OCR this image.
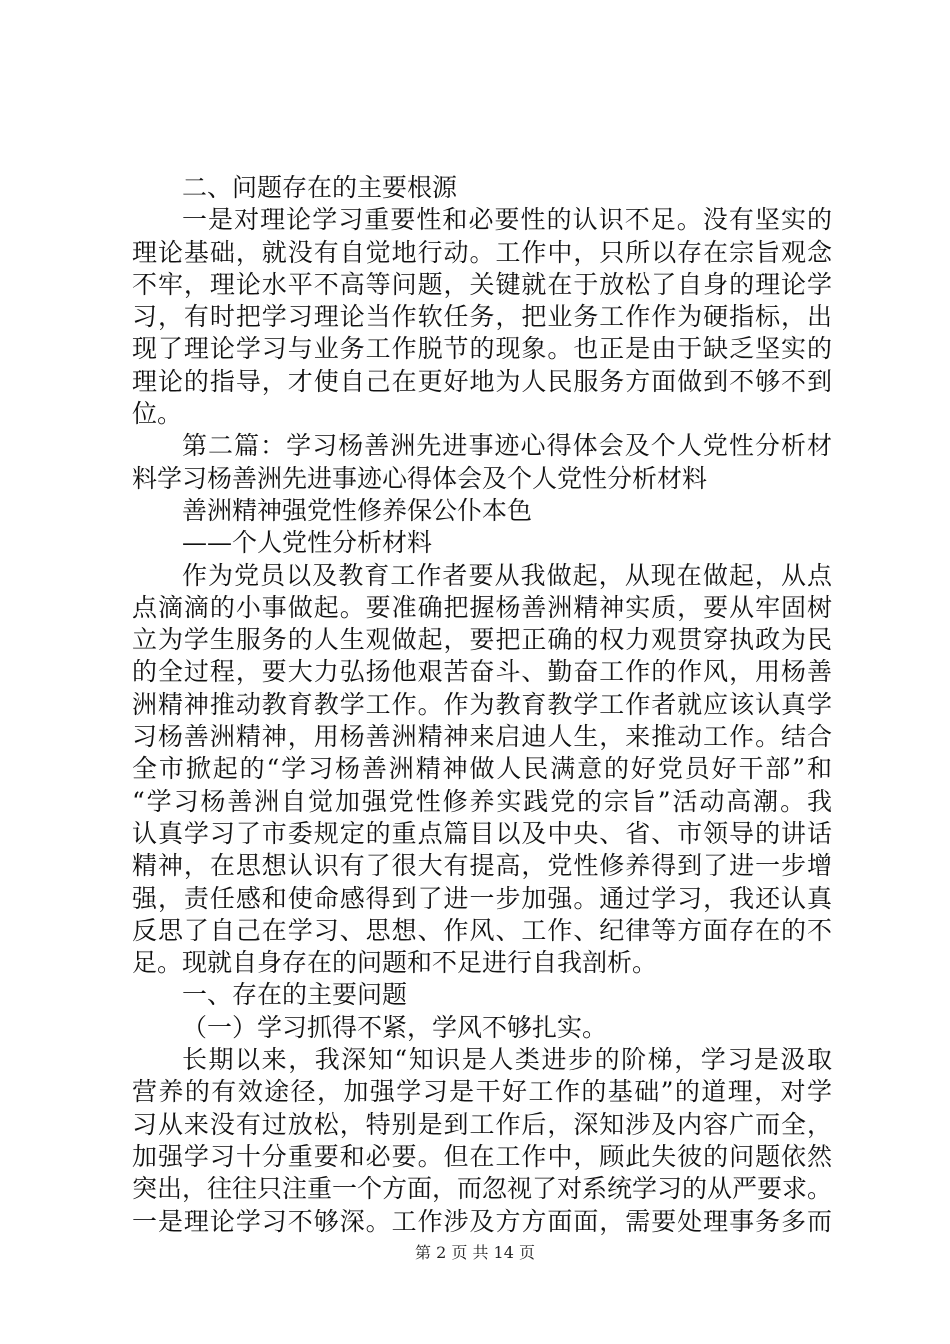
二、问题存在的主要根源
一是对理论学习重要性和必要性的认识不足。没有坚实的
理论基础，就没有自觉地行动。工作中，只所以存在宗旨观念
不牢，理论水平不高等问题，关键就在于放松了自身的理论学
习，有时把学习理论当作软任务，把业务工作作为硬指标，出
现了理论学习与业务工作脱节的现象。也正是由于缺乏坚实的
理论的指导，才使自己在更好地为人民服务方面做到不够不到
位。
第二篇：学习杨善洲先进事迹心得体会及个人党性分析材
料学习杨善洲先进事迹心得体会及个人党性分析材料
善洲精神强党性修养保公仆本色
——个人党性分析材料
作为党员以及教育工作者要从我做起，从现在做起，从点
点滴滴的小事做起。要准确把握杨善洲精神实质，要从牢固树
立为学生服务的人生观做起，要把正确的权力观贯穿执政为民
的全过程，要大力弘扬他艰苦奋斗、勤奋工作的作风，用杨善
洲精神推动教育教学工作。作为教育教学工作者就应该认真学
习杨善洲精神，用杨善洲精神来启迪人生，来推动工作。结合
全市掀起的“学习杨善洲精神做人民满意的好党员好干部”和
“学习杨善洲自觉加强党性修养实践党的宗旨”活动高潮。我
认真学习了市委规定的重点篇目以及中央、省、市领导的讲话
精神，在思想认识有了很大有提高，党性修养得到了进一步增
强，责任感和使命感得到了进一步加强。通过学习，我还认真
反思了自己在学习、思想、作风、工作、纪律等方面存在的不
足。现就自身存在的问题和不足进行自我剖析。
一、存在的主要问题
（一）学习抓得不紧，学风不够扎实。
长期以来，我深知“知识是人类进步的阶梯，学习是汲取
营养的有效途径，加强学习是干好工作的基础”的道理，对学
习从来没有过放松，特别是到工作后，深知涉及内容广而全，
加强学习十分重要和必要。但在工作中，顾此失彼的问题依然
突出，往往只注重一个方面，而忽视了对系统学习的从严要求。
一是理论学习不够深。工作涉及方方面面，需要处理事务多而
第 2 页 共 14 页
